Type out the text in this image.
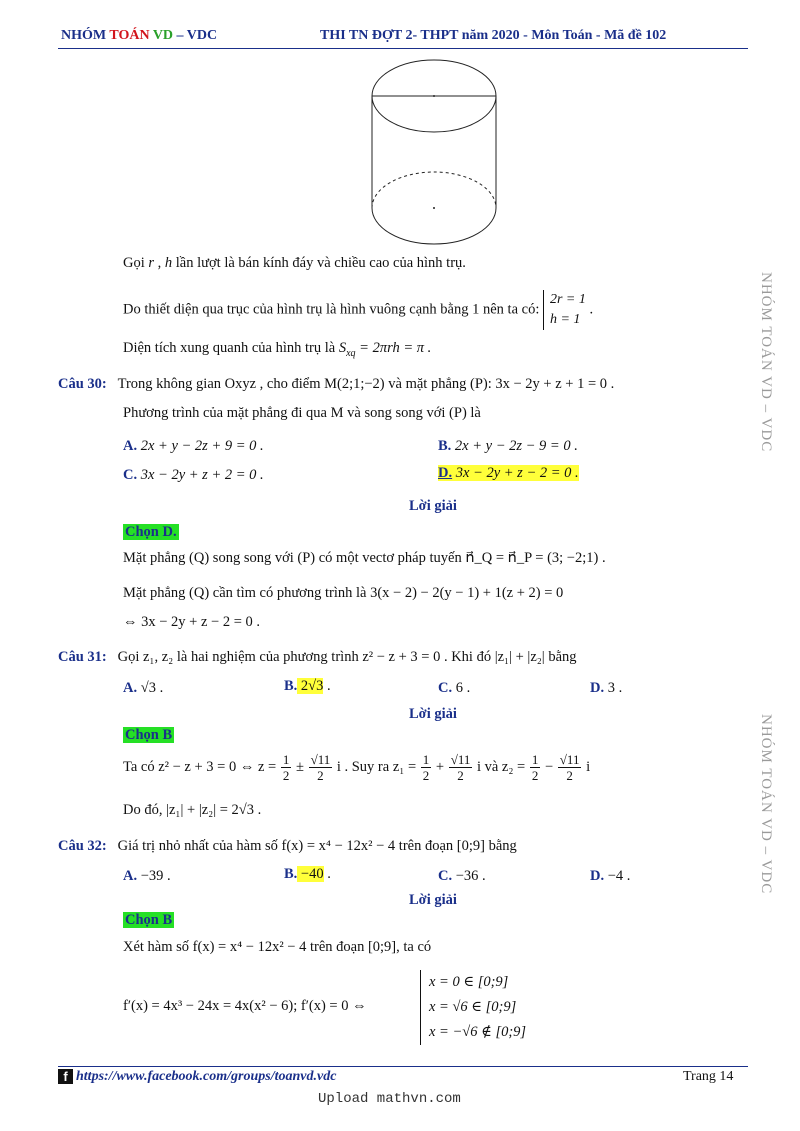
NHÓM TOÁN VD – VDC	THI TN ĐỢT 2- THPT năm 2020 - Môn Toán - Mã đề 102
NHÓM TOÁN VD – VDC
NHÓM TOÁN VD – VDC
Gọi r , h lần lượt là bán kính đáy và chiều cao của hình trụ.
Do thiết diện qua trục của hình trụ là hình vuông cạnh bằng 1 nên ta có:
2r = 1
h = 1
.
Diện tích xung quanh của hình trụ là $S_{xq} = 2\pi rh = \pi$ .
Câu 30: Trong không gian Oxyz , cho điểm M(2;1;−2) và mặt phẳng (P): 3x − 2y + z + 1 = 0 .
Phương trình của mặt phẳng đi qua M và song song với (P) là
A. 2x + y − 2z + 9 = 0 .	B. 2x + y − 2z − 9 = 0 .
C. 3x − 2y + z + 2 = 0 .	D. 3x − 2y + z − 2 = 0 .
Lời giải
Chọn D.
Mặt phẳng (Q) song song với (P) có một vectơ pháp tuyến n⃗_Q = n⃗_P = (3; −2;1) .
Mặt phẳng (Q) cần tìm có phương trình là 3(x − 2) − 2(y − 1) + 1(z + 2) = 0
⇔ 3x − 2y + z − 2 = 0 .
Câu 31: Gọi z₁, z₂ là hai nghiệm của phương trình z² − z + 3 = 0 . Khi đó |z₁| + |z₂| bằng
A. √3 .	B. 2√3 .	C. 6 .	D. 3 .
Lời giải
Chọn B
Ta có z² − z + 3 = 0 ⇔ $z = \frac{1}{2} \pm \frac{√11}{2}$ i . Suy ra $z_1 = \frac{1}{2} + \frac{√11}{2}$ i và $z_2 = \frac{1}{2} - \frac{√11}{2}$ i
Do đó, |z₁| + |z₂| = 2√3 .
Câu 32: Giá trị nhỏ nhất của hàm số f(x) = x⁴ − 12x² − 4 trên đoạn [0;9] bằng
A. −39 .	B. −40 .	C. −36 .	D. −4 .
Lời giải
Chọn B
Xét hàm số f(x) = x⁴ − 12x² − 4 trên đoạn [0;9], ta có
f′(x) = 4x³ − 24x = 4x(x² − 6); f′(x) = 0 ⇔
x = 0 ∈ [0;9]
x = √6 ∈ [0;9]
x = −√6 ∉ [0;9]
f https://www.facebook.com/groups/toanvd.vdc	Trang 14
Upload mathvn.com
